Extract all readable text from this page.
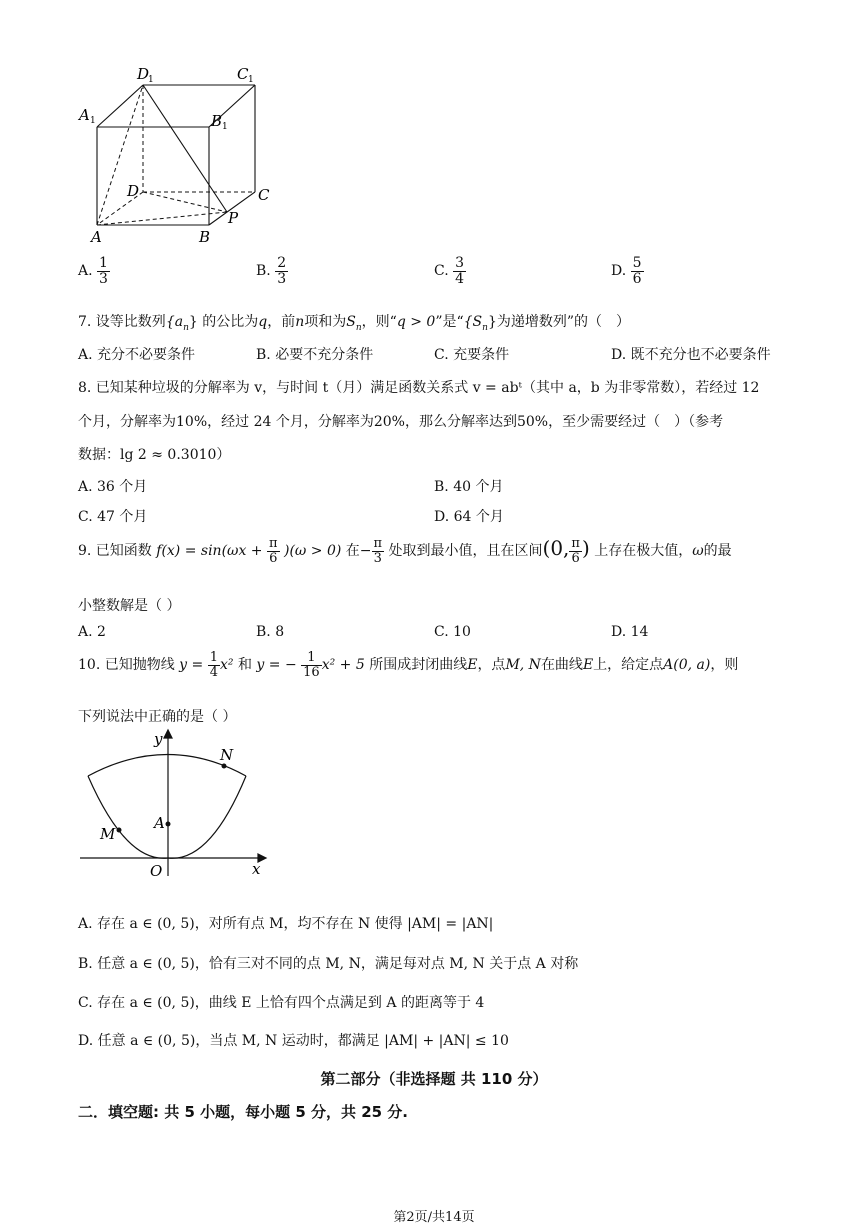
D
1	C 1
A 1	B 1
D	C
A	B
P
A. $\frac{1}{3}$	B. $\frac{2}{3}$	C. $\frac{3}{4}$	D. $\frac{5}{6}$
7. 设等比数列$\{a_n\}$ 的公比为q，前n项和为$S_n$，则“q > 0”是“$\{S_n\}$为递增数列”的（　）
A. 充分不必要条件	B. 必要不充分条件	C. 充要条件	D. 既不充分也不必要条件
8. 已知某种垃圾的分解率为 v，与时间 t（月）满足函数关系式 v = abᵗ（其中 a，b 为非零常数），若经过 12
个月，分解率为10%，经过 24 个月，分解率为20%，那么分解率达到50%，至少需要经过（　）（参考
数据：lg 2 ≈ 0.3010）
A. 36 个月	B. 40 个月
C. 47 个月	D. 64 个月
9. 已知函数 $f(x) = \sin(\omega x + \frac{\pi}{6} )(\omega > 0)$ 在− $\frac{\pi}{3}$ 处取到最小值，且在区间(0, $\frac{\pi}{6}$ ) 上存在极大值，ω的最
小整数解是（ ）
A. 2	B. 8	C. 10	D. 14
10. 已知抛物线 $y = \frac{1}{4} x^2$ 和 y = − $\frac{1}{16} x^2 + 5$ 所围成封闭曲线E，点M, N在曲线E上，给定点A(0, a)，则
下列说法中正确的是（ ）
y
x
O
A
M
N
A. 存在 a ∈ (0, 5)，对所有点 M，均不存在 N 使得 |AM| = |AN|
B. 任意 a ∈ (0, 5)，恰有三对不同的点 M, N，满足每对点 M, N 关于点 A 对称
C. 存在 a ∈ (0, 5)，曲线 E 上恰有四个点满足到 A 的距离等于 4
D. 任意 a ∈ (0, 5)，当点 M, N 运动时，都满足 |AM| + |AN| ≤ 10
第二部分（非选择题 共 110 分）
二．填空题: 共 5 小题，每小题 5 分，共 25 分.
第2页/共14页
